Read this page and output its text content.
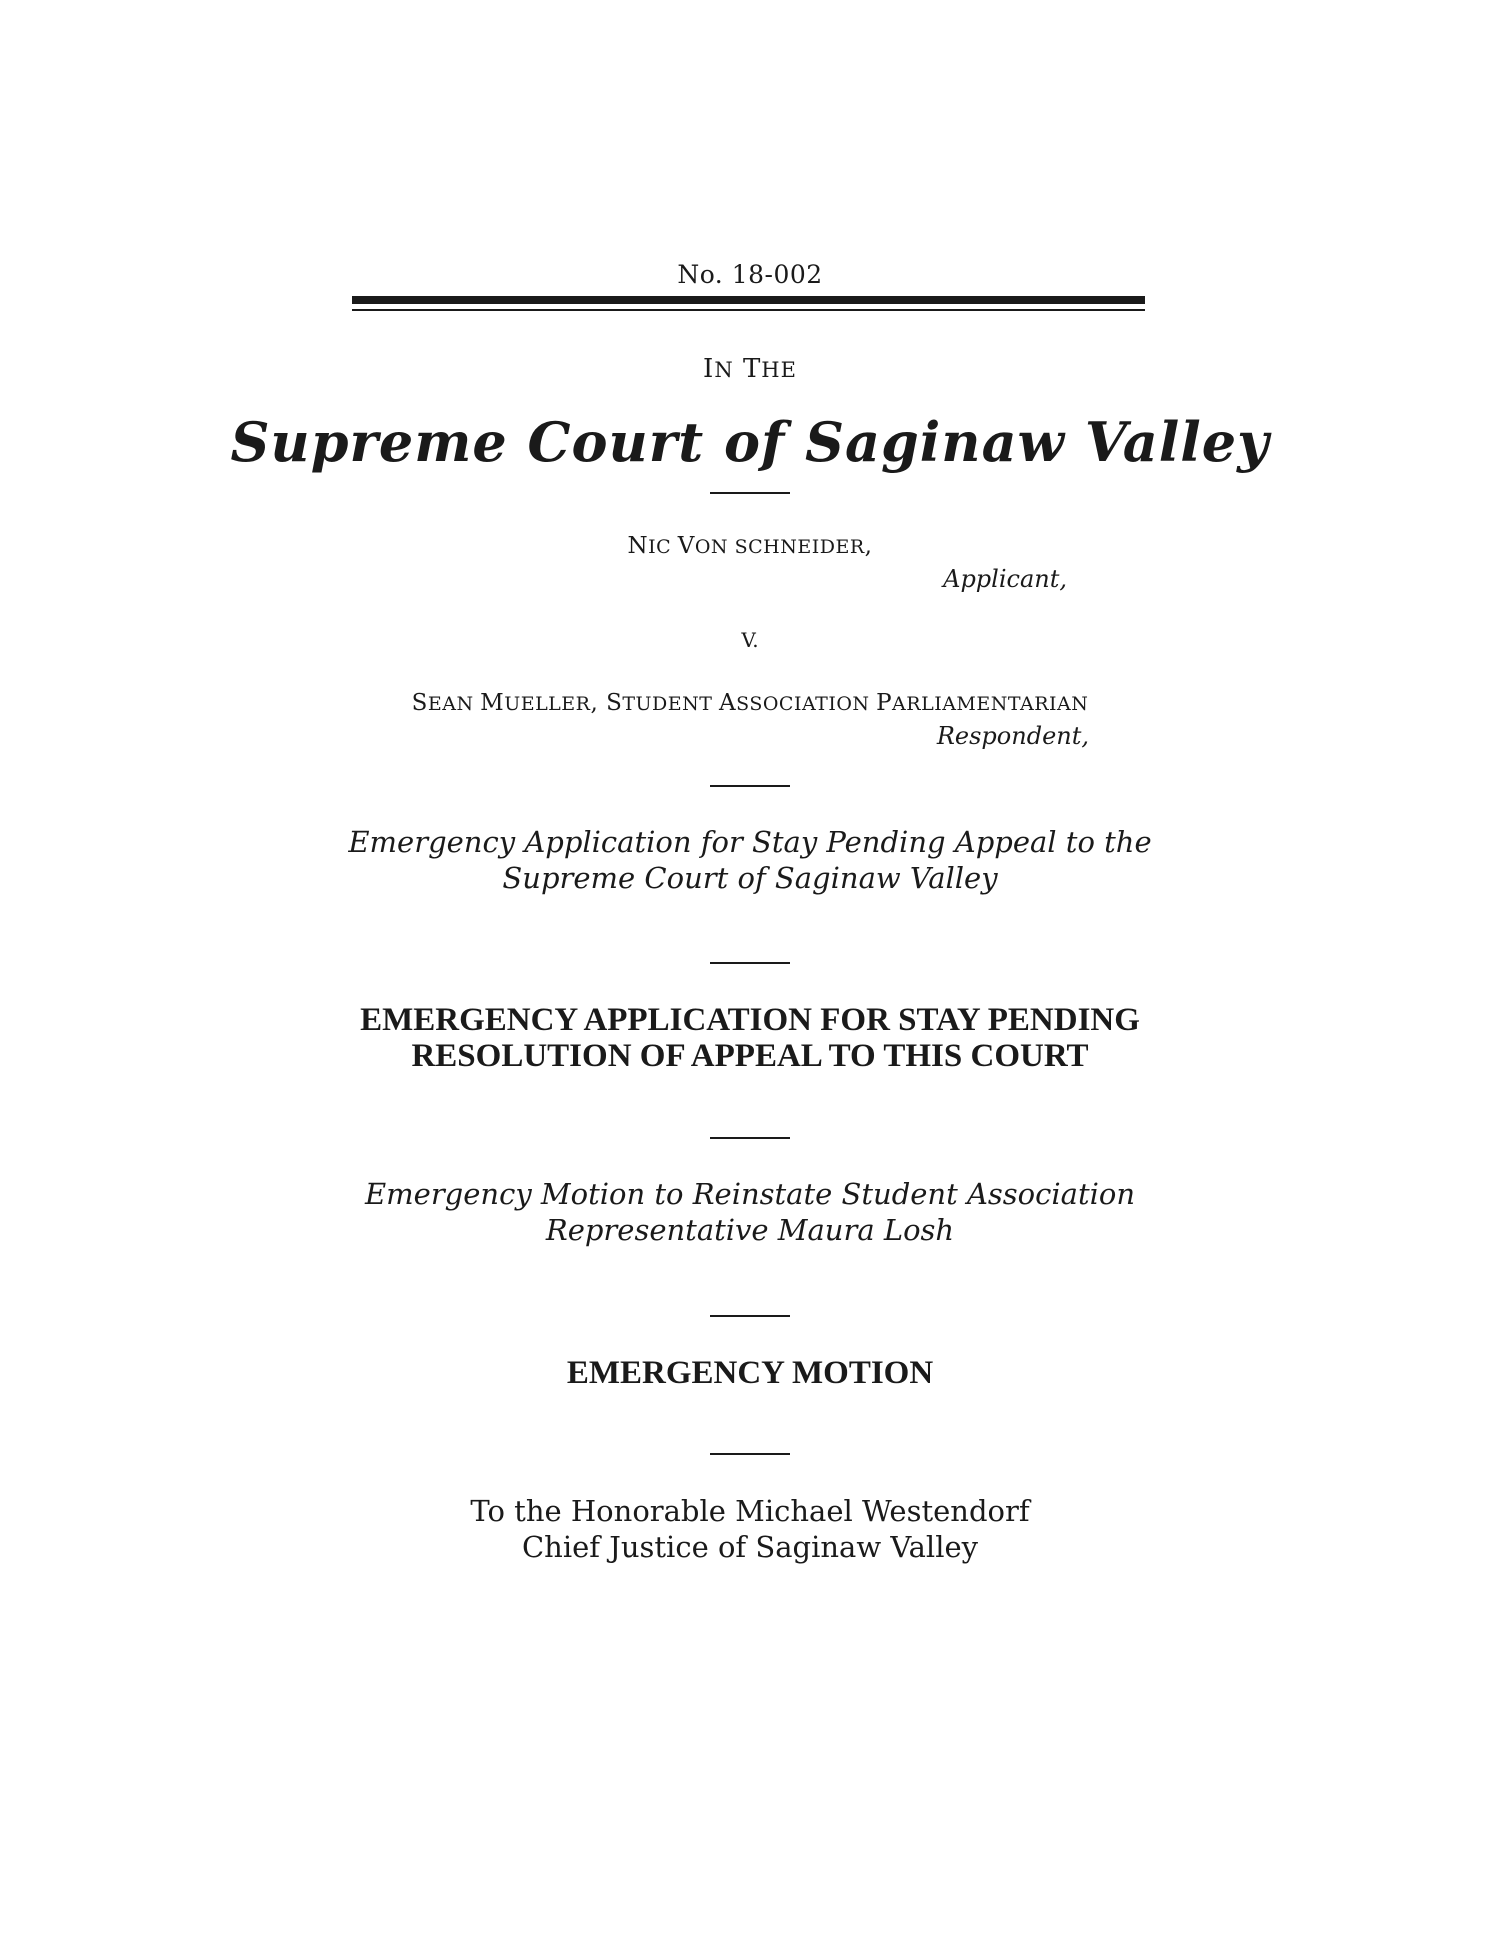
No. 18-002
IN THE
Supreme Court of Saginaw Valley
NIC VON SCHNEIDER,
Applicant,
V.
SEAN MUELLER, STUDENT ASSOCIATION PARLIAMENTARIAN
Respondent,
Emergency Application for Stay Pending Appeal to the
Supreme Court of Saginaw Valley
EMERGENCY APPLICATION FOR STAY PENDING
RESOLUTION OF APPEAL TO THIS COURT
Emergency Motion to Reinstate Student Association
Representative Maura Losh
EMERGENCY MOTION
To the Honorable Michael Westendorf
Chief Justice of Saginaw Valley
